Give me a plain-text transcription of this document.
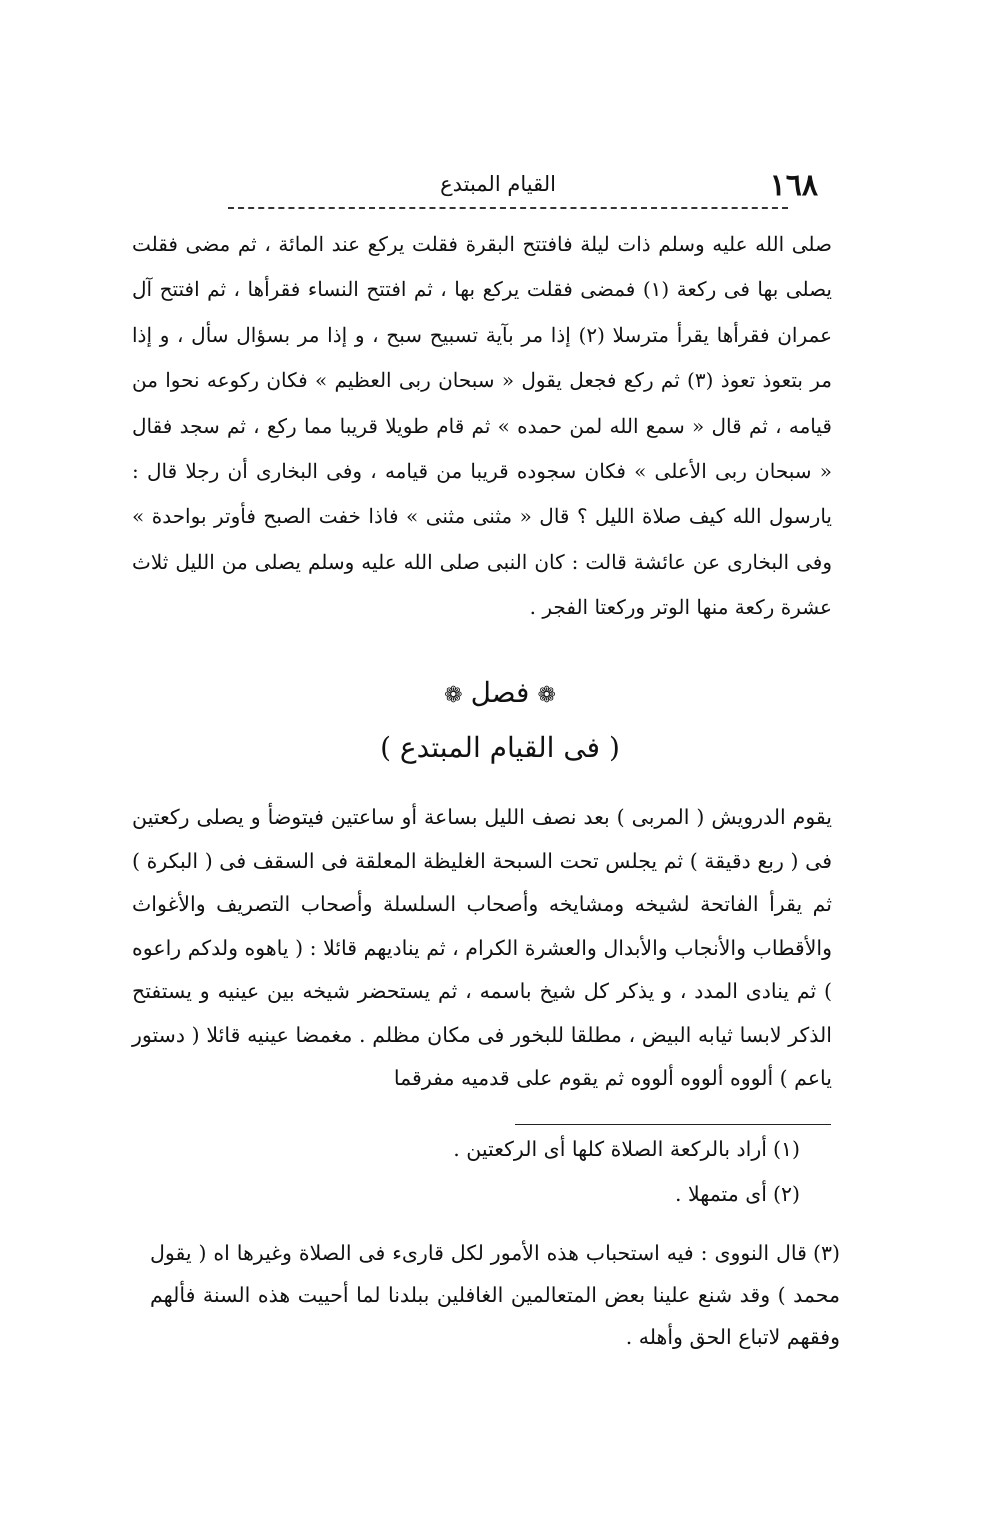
١٦٨
القيام المبتدع

صلى الله عليه وسلم ذات ليلة فافتتح البقرة فقلت يركع عند المائة ، ثم مضى فقلت يصلى بها فى ركعة (١) فمضى فقلت يركع بها ، ثم افتتح النساء فقرأها ، ثم افتتح آل عمران فقرأها يقرأ مترسلا (٢) إذا مر بآية تسبيح سبح ، و إذا مر بسؤال سأل ، و إذا مر بتعوذ تعوذ (٣) ثم ركع فجعل يقول « سبحان ربى العظيم » فكان ركوعه نحوا من قيامه ، ثم قال « سمع الله لمن حمده » ثم قام طويلا قريبا مما ركع ، ثم سجد فقال « سبحان ربى الأعلى » فكان سجوده قريبا من قيامه ، وفى البخارى أن رجلا قال : يارسول الله كيف صلاة الليل ؟ قال « مثنى مثنى » فاذا خفت الصبح فأوتر بواحدة » وفى البخارى عن عائشة قالت : كان النبى صلى الله عليه وسلم يصلى من الليل ثلاث عشرة ركعة منها الوتر وركعتا الفجر .

❁فصل❁
( فى القيام المبتدع )

يقوم الدرويش ( المربى ) بعد نصف الليل بساعة أو ساعتين فيتوضأ و يصلى ركعتين فى ( ربع دقيقة ) ثم يجلس تحت السبحة الغليظة المعلقة فى السقف فى ( البكرة ) ثم يقرأ الفاتحة لشيخه ومشايخه وأصحاب السلسلة وأصحاب التصريف والأغواث والأقطاب والأنجاب والأبدال والعشرة الكرام ، ثم يناديهم قائلا : ( ياهوه ولدكم راعوه ) ثم ينادى المدد ، و يذكر كل شيخ باسمه ، ثم يستحضر شيخه بين عينيه و يستفتح الذكر لابسا ثيابه البيض ، مطلقا للبخور فى مكان مظلم . مغمضا عينيه قائلا ( دستور ياعم ) ألووه ألووه ألووه ثم يقوم على قدميه مفرقما

(١)أراد بالركعة الصلاة كلها أى الركعتين .

(٢)أى متمهلا .

(٣)قال النووى : فيه استحباب هذه الأمور لكل قارىء فى الصلاة وغيرها اه ( يقول محمد ) وقد شنع علينا بعض المتعالمين الغافلين ببلدنا لما أحييت هذه السنة فألهم وفقهم لاتباع الحق وأهله .
